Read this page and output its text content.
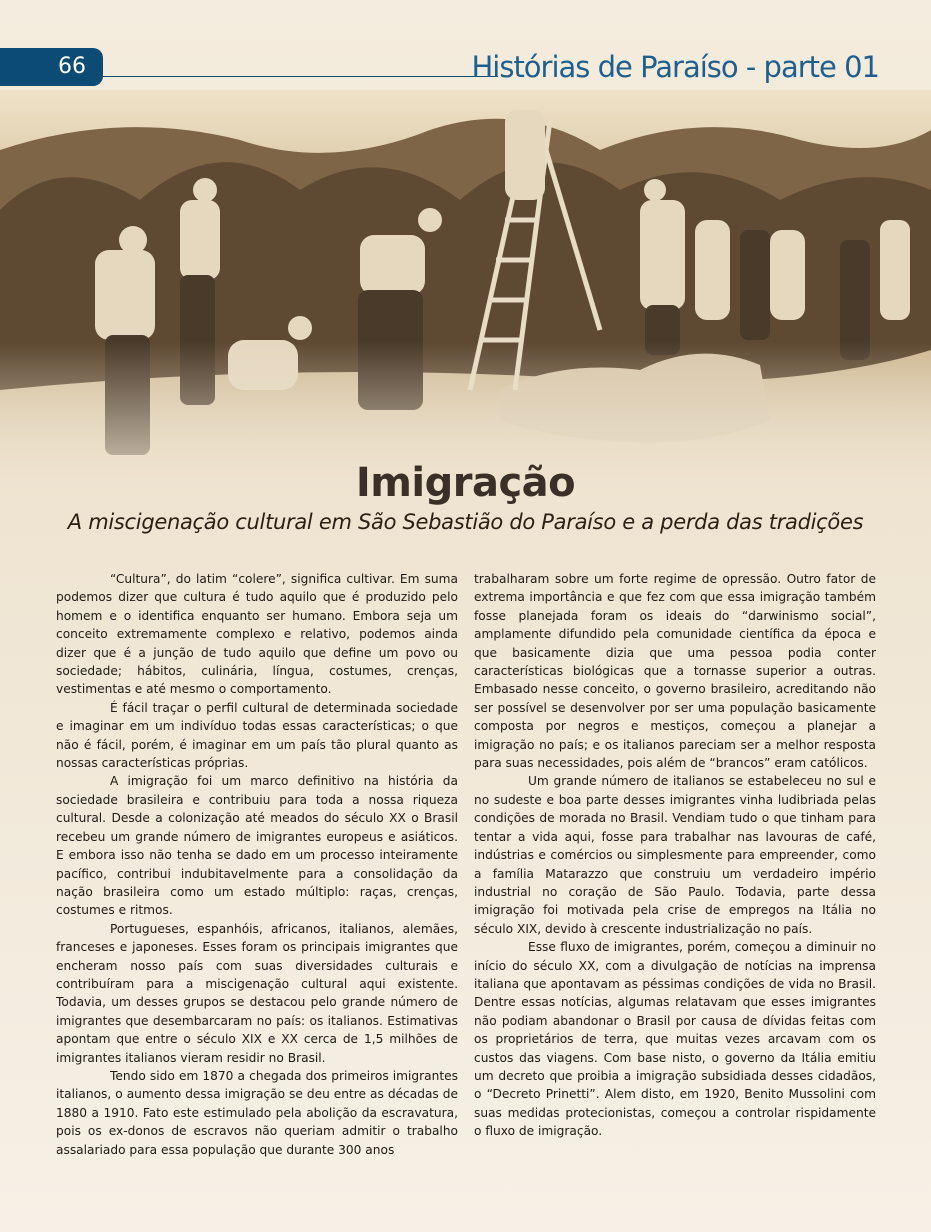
66	Histórias de Paraíso - parte 01
Imigração
A miscigenação cultural em São Sebastião do Paraíso e a perda das tradições

“Cultura”, do latim “colere”, significa cultivar. Em suma podemos dizer que cultura é tudo aquilo que é produzido pelo homem e o identifica enquanto ser humano. Embora seja um conceito extremamente complexo e relativo, podemos ainda dizer que é a junção de tudo aquilo que define um povo ou sociedade; hábitos, culinária, língua, costumes, crenças, vestimentas e até mesmo o comportamento.

É fácil traçar o perfil cultural de determinada sociedade e imaginar em um indivíduo todas essas características; o que não é fácil, porém, é imaginar em um país tão plural quanto as nossas características próprias.

A imigração foi um marco definitivo na história da sociedade brasileira e contribuiu para toda a nossa riqueza cultural. Desde a colonização até meados do século XX o Brasil recebeu um grande número de imigrantes europeus e asiáticos. E embora isso não tenha se dado em um processo inteiramente pacífico, contribui indubitavelmente para a consolidação da nação brasileira como um estado múltiplo: raças, crenças, costumes e ritmos.

Portugueses, espanhóis, africanos, italianos, alemães, franceses e japoneses. Esses foram os principais imigrantes que encheram nosso país com suas diversidades culturais e contribuíram para a miscigenação cultural aqui existente. Todavia, um desses grupos se destacou pelo grande número de imigrantes que desembarcaram no país: os italianos. Estimativas apontam que entre o século XIX e XX cerca de 1,5 milhões de imigrantes italianos vieram residir no Brasil.

Tendo sido em 1870 a chegada dos primeiros imigrantes italianos, o aumento dessa imigração se deu entre as décadas de 1880 a 1910. Fato este estimulado pela abolição da escravatura, pois os ex-donos de escravos não queriam admitir o trabalho assalariado para essa população que durante 300 anos

trabalharam sobre um forte regime de opressão. Outro fator de extrema importância e que fez com que essa imigração também fosse planejada foram os ideais do “darwinismo social”, amplamente difundido pela comunidade científica da época e que basicamente dizia que uma pessoa podia conter características biológicas que a tornasse superior a outras. Embasado nesse conceito, o governo brasileiro, acreditando não ser possível se desenvolver por ser uma população basicamente composta por negros e mestiços, começou a planejar a imigração no país; e os italianos pareciam ser a melhor resposta para suas necessidades, pois além de “brancos” eram católicos.

Um grande número de italianos se estabeleceu no sul e no sudeste e boa parte desses imigrantes vinha ludibriada pelas condições de morada no Brasil. Vendiam tudo o que tinham para tentar a vida aqui, fosse para trabalhar nas lavouras de café, indústrias e comércios ou simplesmente para empreender, como a família Matarazzo que construiu um verdadeiro império industrial no coração de São Paulo. Todavia, parte dessa imigração foi motivada pela crise de empregos na Itália no século XIX, devido à crescente industrialização no país.

Esse fluxo de imigrantes, porém, começou a diminuir no início do século XX, com a divulgação de notícias na imprensa italiana que apontavam as péssimas condições de vida no Brasil. Dentre essas notícias, algumas relatavam que esses imigrantes não podiam abandonar o Brasil por causa de dívidas feitas com os proprietários de terra, que muitas vezes arcavam com os custos das viagens. Com base nisto, o governo da Itália emitiu um decreto que proibia a imigração subsidiada desses cidadãos, o “Decreto Prinetti”. Alem disto, em 1920, Benito Mussolini com suas medidas protecionistas, começou a controlar rispidamente o fluxo de imigração.
